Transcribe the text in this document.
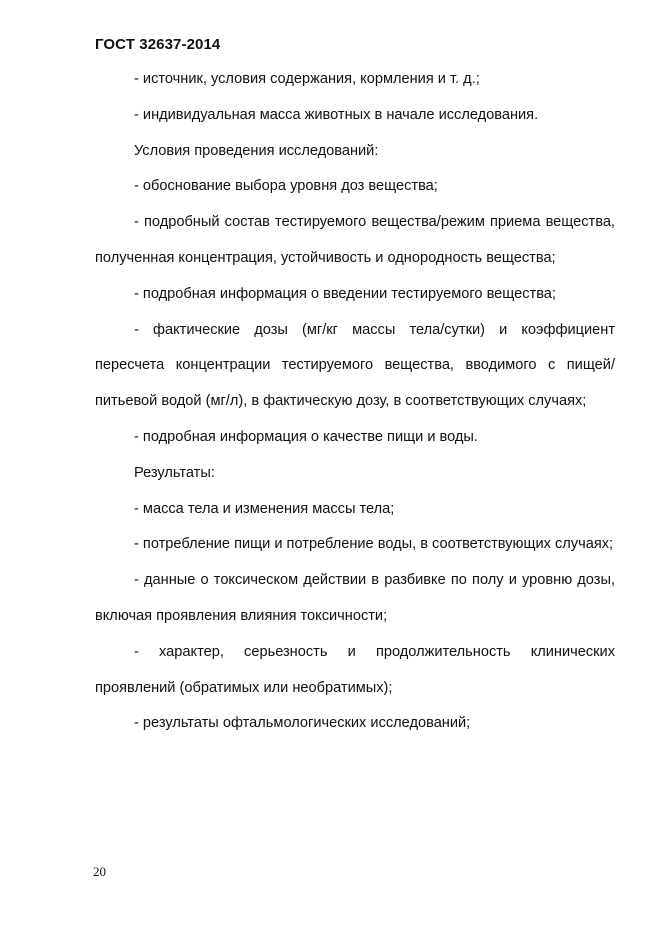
ГОСТ 32637-2014

- источник, условия содержания, кормления и т. д.;

- индивидуальная масса животных в начале исследования.

Условия проведения исследований:

- обоснование выбора уровня доз вещества;

- подробный состав тестируемого вещества/режим приема вещества, полученная концентрация, устойчивость и однородность вещества;

- подробная информация о введении тестируемого вещества;

- фактические дозы (мг/кг массы тела/сутки) и коэффициент пересчета концентрации тестируемого вещества, вводимого с пищей/питьевой водой (мг/л), в фактическую дозу, в соответствующих случаях;

- подробная информация о качестве пищи и воды.

Результаты:

- масса тела и изменения массы тела;

- потребление пищи и потребление воды, в соответствующих случаях;

- данные о токсическом действии в разбивке по полу и уровню дозы, включая проявления влияния токсичности;

- характер, серьезность и продолжительность клинических проявлений (обратимых или необратимых);

- результаты офтальмологических исследований;

20
